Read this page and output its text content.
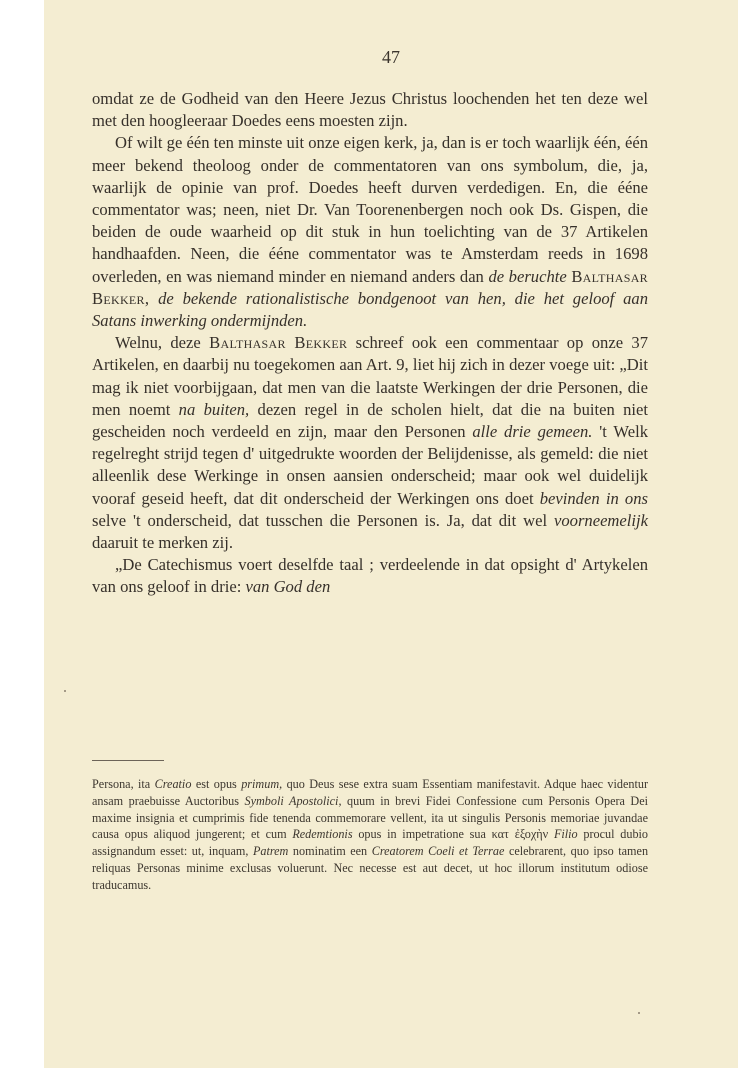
47

omdat ze de Godheid van den Heere Jezus Christus loochenden het ten deze wel met den hoogleeraar Doedes eens moesten zijn.

Of wilt ge één ten minste uit onze eigen kerk, ja, dan is er toch waarlijk één, één meer bekend theoloog onder de commentatoren van ons symbolum, die, ja, waarlijk de opinie van prof. Doedes heeft durven verdedigen. En, die ééne commentator was; neen, niet Dr. Van Toorenenbergen noch ook Ds. Gispen, die beiden de oude waarheid op dit stuk in hun toelichting van de 37 Artikelen handhaafden. Neen, die ééne commentator was te Amsterdam reeds in 1698 overleden, en was niemand minder en niemand anders dan de beruchte Balthasar Bekker, de bekende rationalistische bondgenoot van hen, die het geloof aan Satans inwerking ondermijnden.

Welnu, deze Balthasar Bekker schreef ook een commentaar op onze 37 Artikelen, en daarbij nu toegekomen aan Art. 9, liet hij zich in dezer voege uit: „Dit mag ik niet voorbijgaan, dat men van die laatste Werkingen der drie Personen, die men noemt na buiten, dezen regel in de scholen hielt, dat die na buiten niet gescheiden noch verdeeld en zijn, maar den Personen alle drie gemeen. 't Welk regelreght strijd tegen d' uitgedrukte woorden der Belijdenisse, als gemeld: die niet alleenlik dese Werkinge in onsen aansien onderscheid; maar ook wel duidelijk vooraf geseid heeft, dat dit onderscheid der Werkingen ons doet bevinden in ons selve 't onderscheid, dat tusschen die Personen is. Ja, dat dit wel voorneemelijk daaruit te merken zij.

„De Catechismus voert deselfde taal ; verdeelende in dat opsight d' Artykelen van ons geloof in drie: van God den

Persona, ita Creatio est opus primum, quo Deus sese extra suam Essentiam manifestavit. Adque haec videntur ansam praebuisse Auctoribus Symboli Apostolici, quum in brevi Fidei Confessione cum Personis Opera Dei maxime insignia et cumprimis fide tenenda commemorare vellent, ita ut singulis Personis memoriae juvandae causa opus aliquod jungerent; et cum Redemtionis opus in impetratione sua κατ ἐξοχὴν Filio procul dubio assignandum esset: ut, inquam, Patrem nominatim een Creatorem Coeli et Terrae celebrarent, quo ipso tamen reliquas Personas minime exclusas voluerunt. Nec necesse est aut decet, ut hoc illorum institutum odiose traducamus.
